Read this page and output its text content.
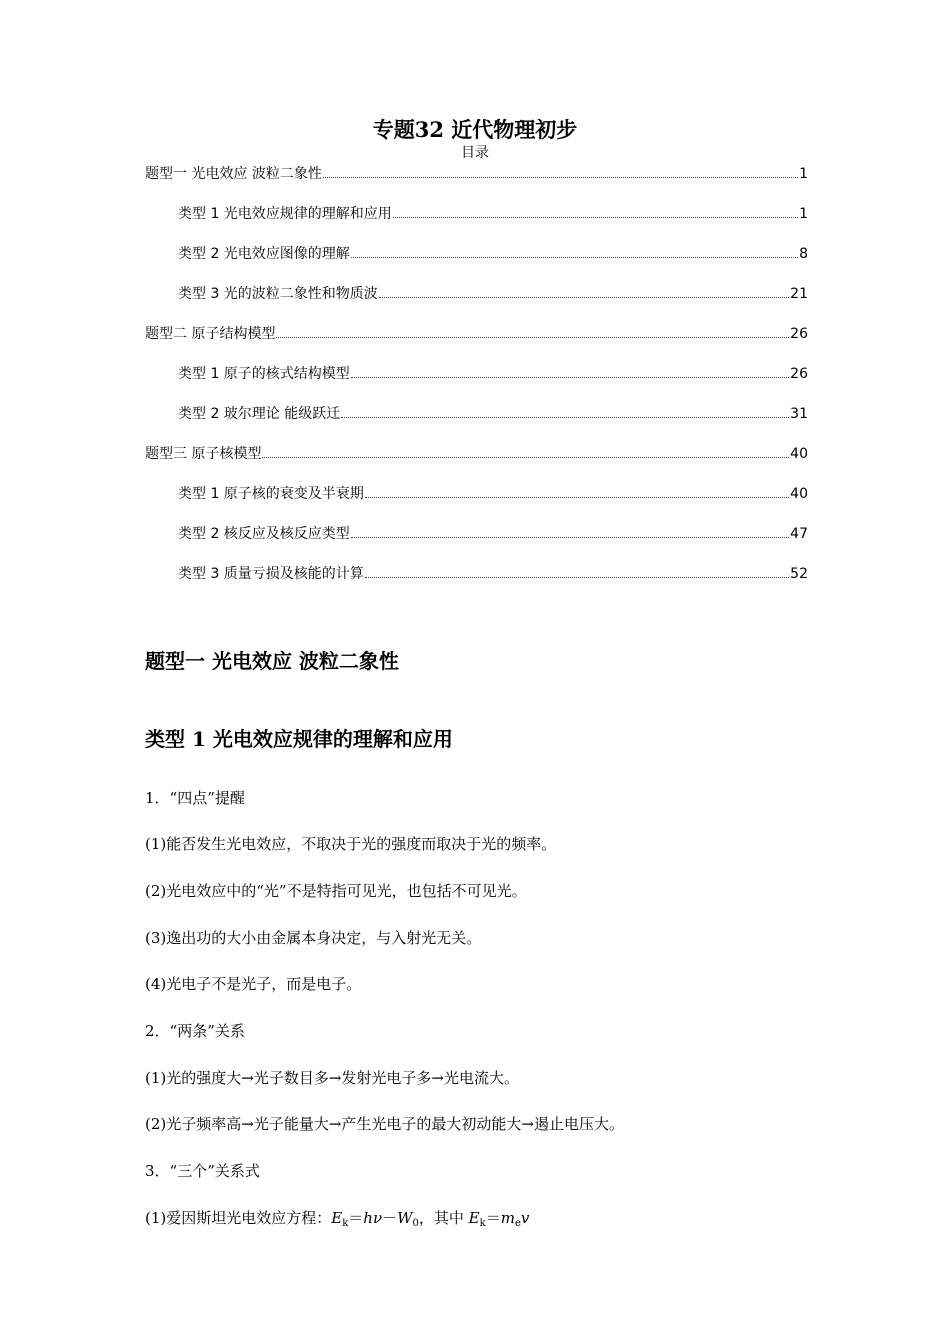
专题32 近代物理初步
目录
题型一 光电效应 波粒二象性	1
类型 1 光电效应规律的理解和应用	1
类型 2 光电效应图像的理解	8
类型 3 光的波粒二象性和物质波	21
题型二 原子结构模型	26
类型 1 原子的核式结构模型	26
类型 2 玻尔理论 能级跃迁	31
题型三 原子核模型	40
类型 1 原子核的衰变及半衰期	40
类型 2 核反应及核反应类型	47
类型 3 质量亏损及核能的计算	52
题型一 光电效应 波粒二象性
类型 1 光电效应规律的理解和应用
1．“四点”提醒
(1)能否发生光电效应，不取决于光的强度而取决于光的频率。
(2)光电效应中的“光”不是特指可见光，也包括不可见光。
(3)逸出功的大小由金属本身决定，与入射光无关。
(4)光电子不是光子，而是电子。
2．“两条”关系
(1)光的强度大→光子数目多→发射光电子多→光电流大。
(2)光子频率高→光子能量大→产生光电子的最大初动能大→遏止电压大。
3．“三个”关系式
(1)爱因斯坦光电效应方程：$E_k=h\nu-W_0$，其中 $E_k=m_ev$
